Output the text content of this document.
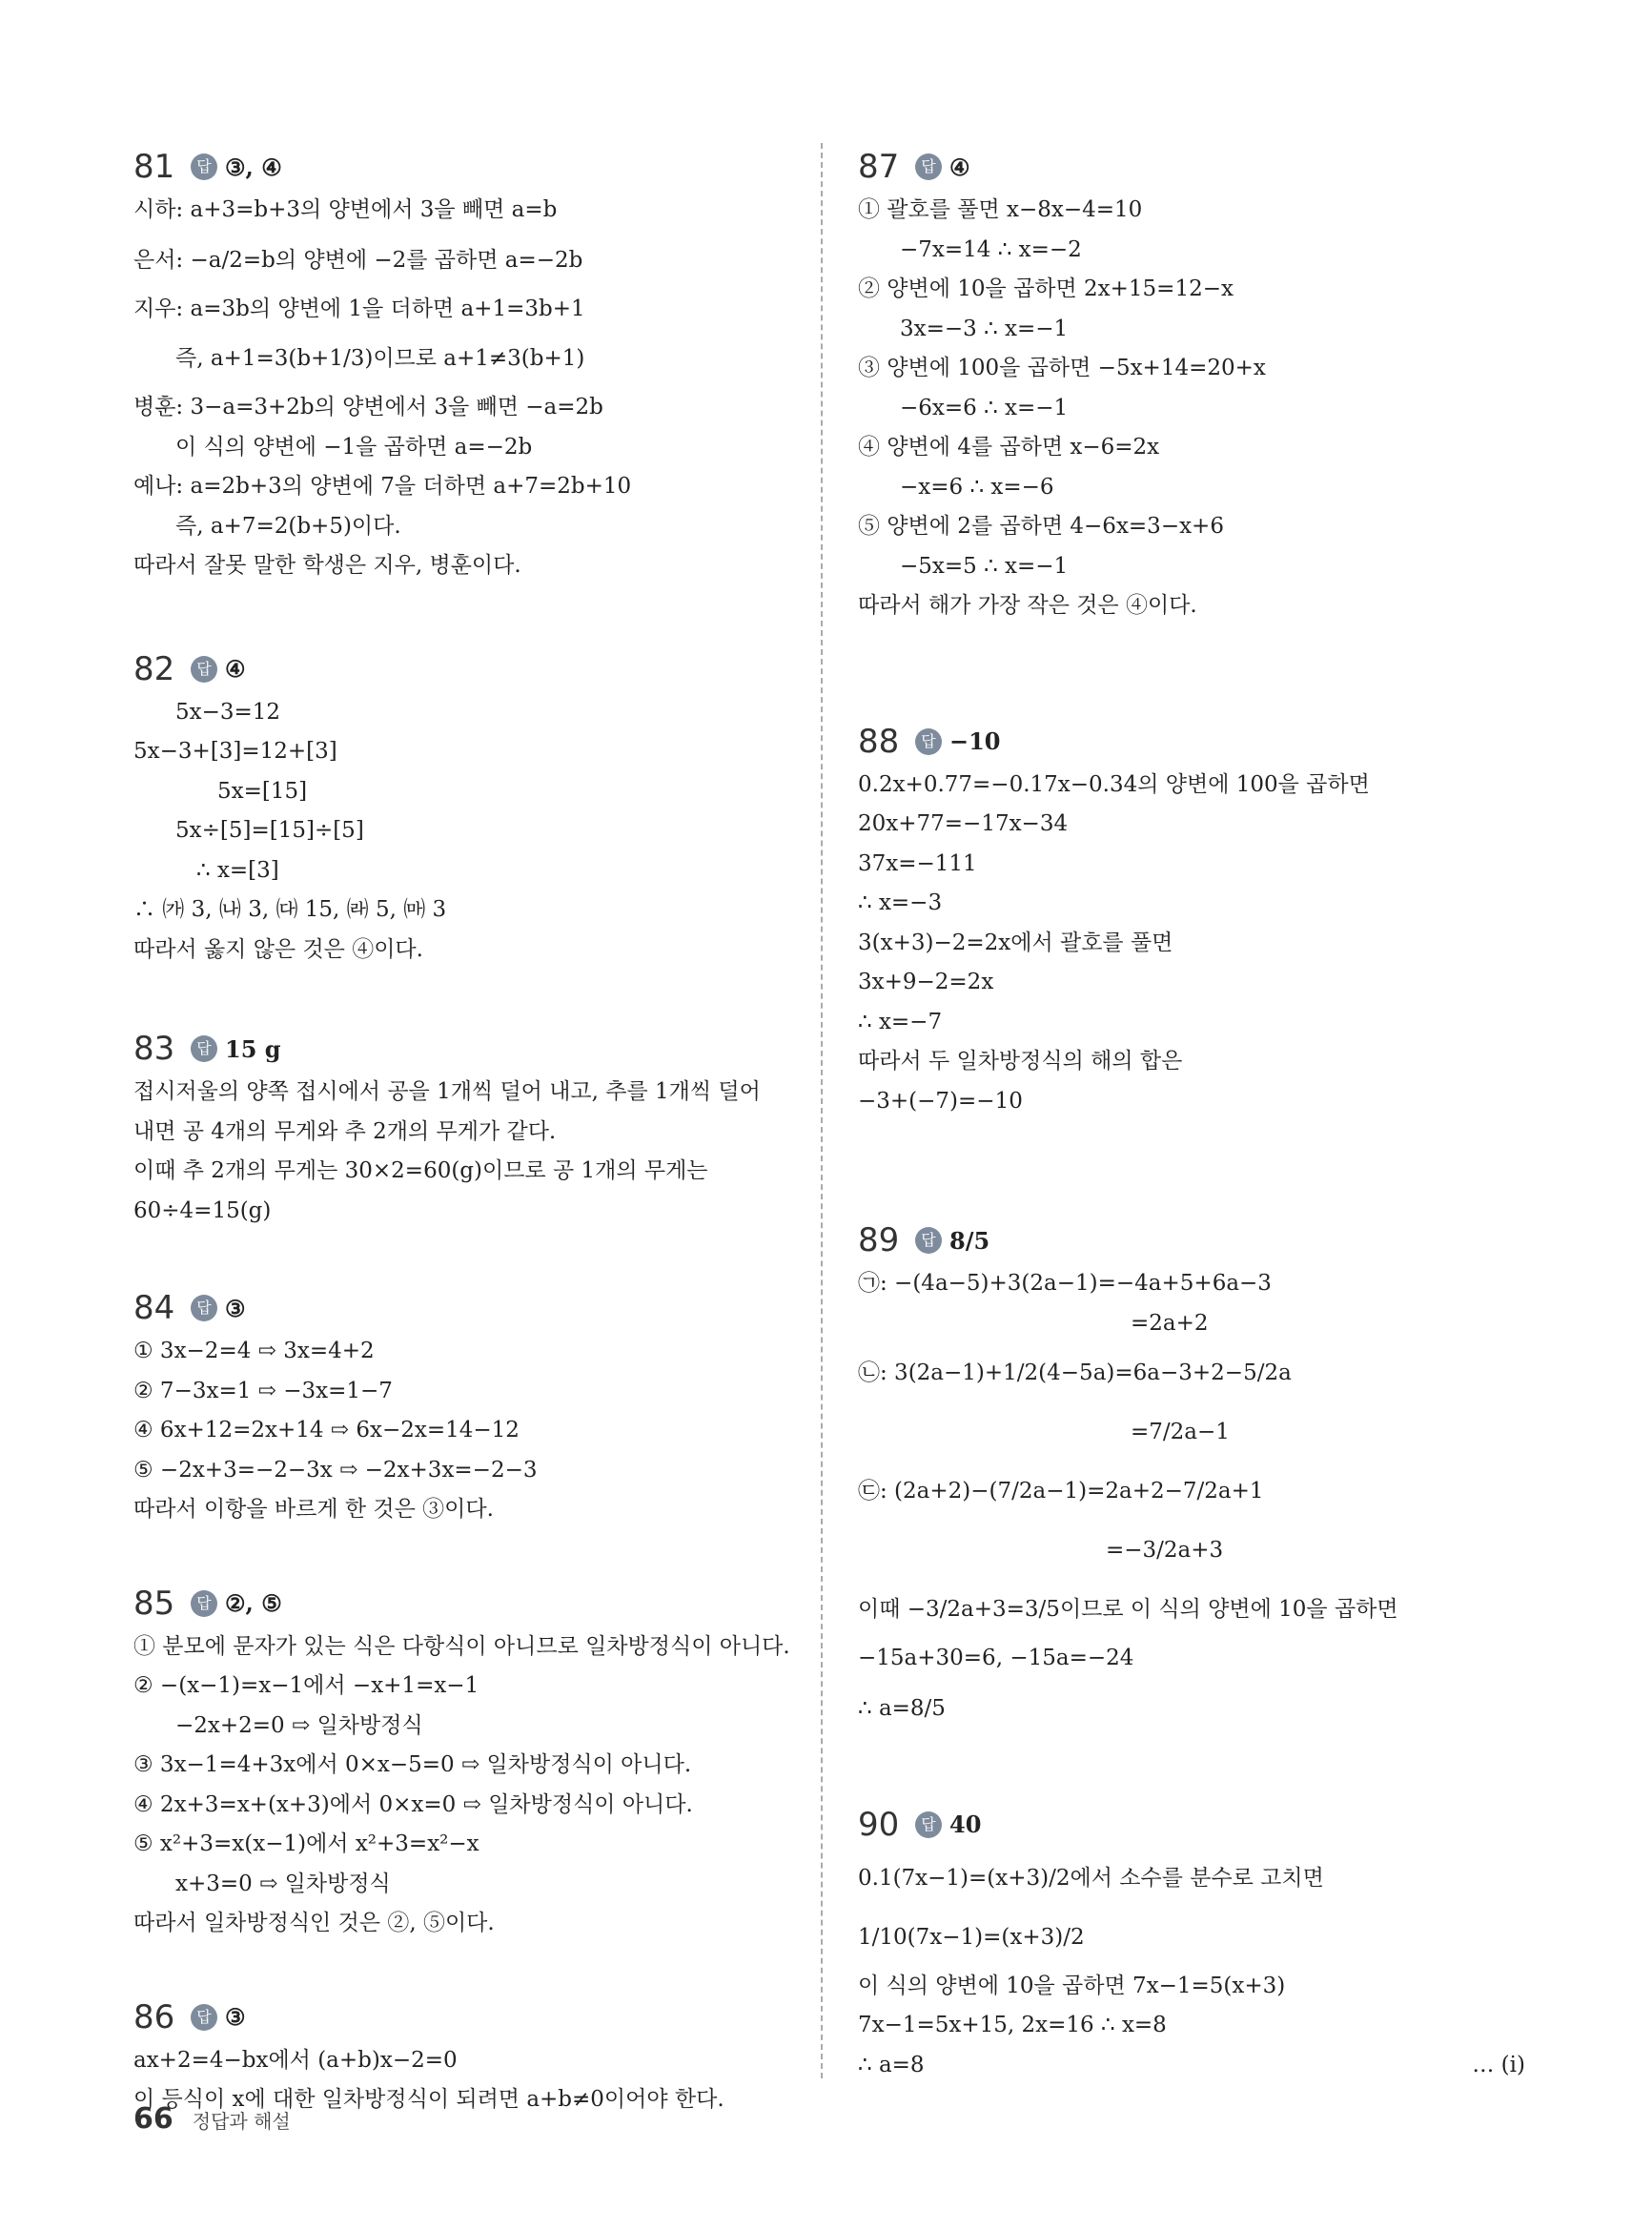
81	답 ③, ④
시하: a+3=b+3의 양변에서 3을 빼면 a=b
은서: −a/2=b의 양변에 −2를 곱하면 a=−2b
지우: a=3b의 양변에 1을 더하면 a+1=3b+1
즉, a+1=3(b+1/3)이므로 a+1≠3(b+1)
병훈: 3−a=3+2b의 양변에서 3을 빼면 −a=2b
이 식의 양변에 −1을 곱하면 a=−2b
예나: a=2b+3의 양변에 7을 더하면 a+7=2b+10
즉, a+7=2(b+5)이다.
따라서 잘못 말한 학생은 지우, 병훈이다.
82	답 ④
5x−3=12
5x−3+[3]=12+[3]
5x=[15]
5x÷[5]=[15]÷[5]
∴ x=[3]
∴ ㈎ 3, ㈏ 3, ㈐ 15, ㈑ 5, ㈒ 3
따라서 옳지 않은 것은 ④이다.
83	답 15 g
접시저울의 양쪽 접시에서 공을 1개씩 덜어 내고, 추를 1개씩 덜어
내면 공 4개의 무게와 추 2개의 무게가 같다.
이때 추 2개의 무게는 30×2=60(g)이므로 공 1개의 무게는
60÷4=15(g)
84	답 ③
① 3x−2=4 ⇨ 3x=4+2
② 7−3x=1 ⇨ −3x=1−7
④ 6x+12=2x+14 ⇨ 6x−2x=14−12
⑤ −2x+3=−2−3x ⇨ −2x+3x=−2−3
따라서 이항을 바르게 한 것은 ③이다.
85	답 ②, ⑤
① 분모에 문자가 있는 식은 다항식이 아니므로 일차방정식이 아니다.
② −(x−1)=x−1에서 −x+1=x−1
−2x+2=0 ⇨ 일차방정식
③ 3x−1=4+3x에서 0×x−5=0 ⇨ 일차방정식이 아니다.
④ 2x+3=x+(x+3)에서 0×x=0 ⇨ 일차방정식이 아니다.
⑤ x²+3=x(x−1)에서 x²+3=x²−x
x+3=0 ⇨ 일차방정식
따라서 일차방정식인 것은 ②, ⑤이다.
86	답 ③
ax+2=4−bx에서 (a+b)x−2=0
이 등식이 x에 대한 일차방정식이 되려면 a+b≠0이어야 한다.
87	답 ④
① 괄호를 풀면 x−8x−4=10
−7x=14 ∴ x=−2
② 양변에 10을 곱하면 2x+15=12−x
3x=−3 ∴ x=−1
③ 양변에 100을 곱하면 −5x+14=20+x
−6x=6 ∴ x=−1
④ 양변에 4를 곱하면 x−6=2x
−x=6 ∴ x=−6
⑤ 양변에 2를 곱하면 4−6x=3−x+6
−5x=5 ∴ x=−1
따라서 해가 가장 작은 것은 ④이다.
88	답 −10
0.2x+0.77=−0.17x−0.34의 양변에 100을 곱하면
20x+77=−17x−34
37x=−111
∴ x=−3
3(x+3)−2=2x에서 괄호를 풀면
3x+9−2=2x
∴ x=−7
따라서 두 일차방정식의 해의 합은
−3+(−7)=−10
89	답 8/5
㉠: −(4a−5)+3(2a−1)=−4a+5+6a−3
=2a+2
㉡: 3(2a−1)+1/2(4−5a)=6a−3+2−5/2a
=7/2a−1
㉢: (2a+2)−(7/2a−1)=2a+2−7/2a+1
=−3/2a+3
이때 −3/2a+3=3/5이므로 이 식의 양변에 10을 곱하면
−15a+30=6, −15a=−24
∴ a=8/5
90	답 40
0.1(7x−1)=(x+3)/2에서 소수를 분수로 고치면
1/10(7x−1)=(x+3)/2
이 식의 양변에 10을 곱하면 7x−1=5(x+3)
7x−1=5x+15, 2x=16 ∴ x=8
∴ a=8	… (i)
66 정답과 해설
